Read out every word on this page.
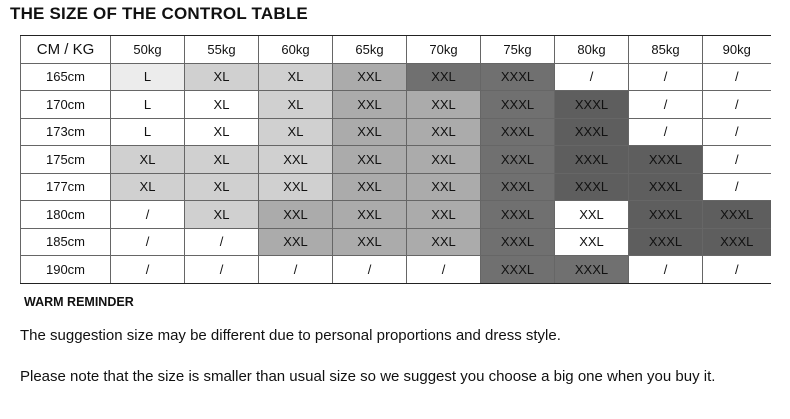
THE SIZE OF THE CONTROL TABLE
CM / KG	50kg	55kg	60kg	65kg	70kg	75kg	80kg	85kg	90kg
165cm	L	XL	XL	XXL	XXL	XXXL	/	/	/
170cm	L	XL	XL	XXL	XXL	XXXL	XXXL	/	/
173cm	L	XL	XL	XXL	XXL	XXXL	XXXL	/	/
175cm	XL	XL	XXL	XXL	XXL	XXXL	XXXL	XXXL	/
177cm	XL	XL	XXL	XXL	XXL	XXXL	XXXL	XXXL	/
180cm	/	XL	XXL	XXL	XXL	XXXL	XXL	XXXL	XXXL
185cm	/	/	XXL	XXL	XXL	XXXL	XXL	XXXL	XXXL
190cm	/	/	/	/	/	XXXL	XXXL	/	/

WARM REMINDER

The suggestion size may be different due to personal proportions and dress style.

Please note that the size is smaller than usual size so we suggest you choose a big one when you buy it.
